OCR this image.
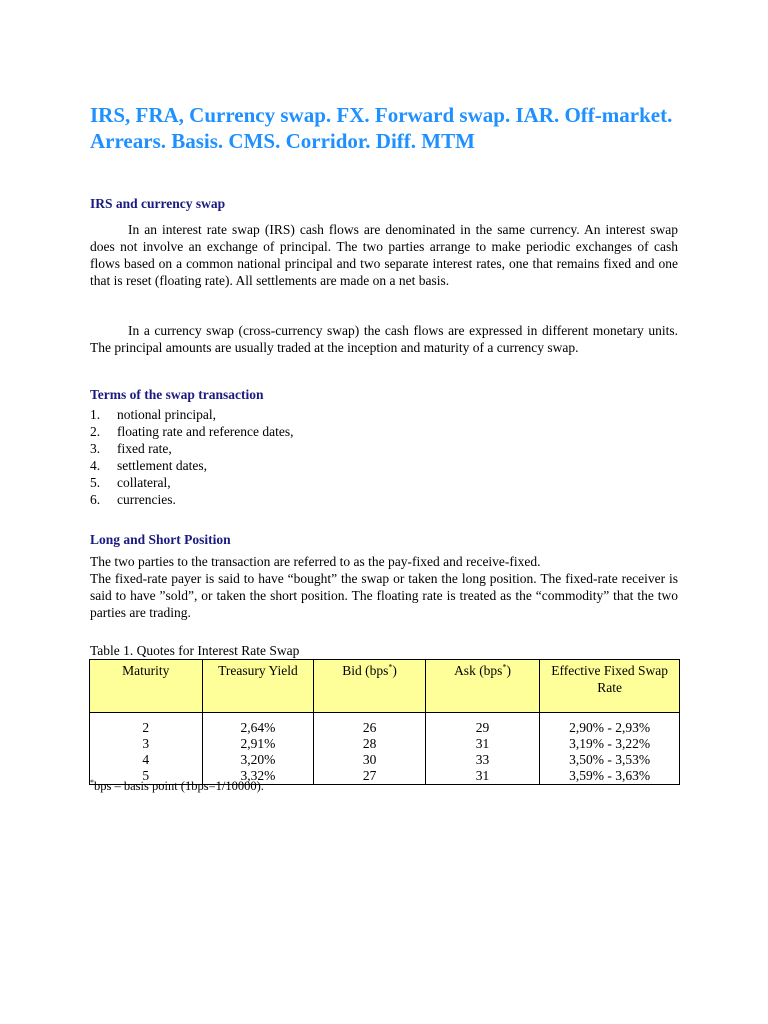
IRS, FRA, Currency swap. FX. Forward swap. IAR. Off-market. Arrears. Basis. CMS. Corridor. Diff. MTM
IRS and currency swap

In an interest rate swap (IRS) cash flows are denominated in the same currency. An interest swap does not involve an exchange of principal. The two parties arrange to make periodic exchanges of cash flows based on a common national principal and two separate interest rates, one that remains fixed and one that is reset (floating rate). All settlements are made on a net basis.

In a currency swap (cross-currency swap) the cash flows are expressed in different monetary units. The principal amounts are usually traded at the inception and maturity of a currency swap.

Terms of the swap transaction
1.	notional principal,
2.	floating rate and reference dates,
3.	fixed rate,
4.	settlement dates,
5.	collateral,
6.	currencies.
Long and Short Position

The two parties to the transaction are referred to as the pay-fixed and receive-fixed.

The fixed-rate payer is said to have “bought” the swap or taken the long position. The fixed-rate receiver is said to have ”sold”, or taken the short position. The floating rate is treated as the “commodity” that the two parties are trading.

Table 1. Quotes for Interest Rate Swap

Maturity	Treasury Yield	Bid (bps*)	Ask (bps*)	Effective Fixed Swap Rate
2	2,64%	26	29	2,90% - 2,93%
3	2,91%	28	31	3,19% - 3,22%
4	3,20%	30	33	3,50% - 3,53%
5	3,32%	27	31	3,59% - 3,63%

*bps – basis point (1bps=1/10000).
